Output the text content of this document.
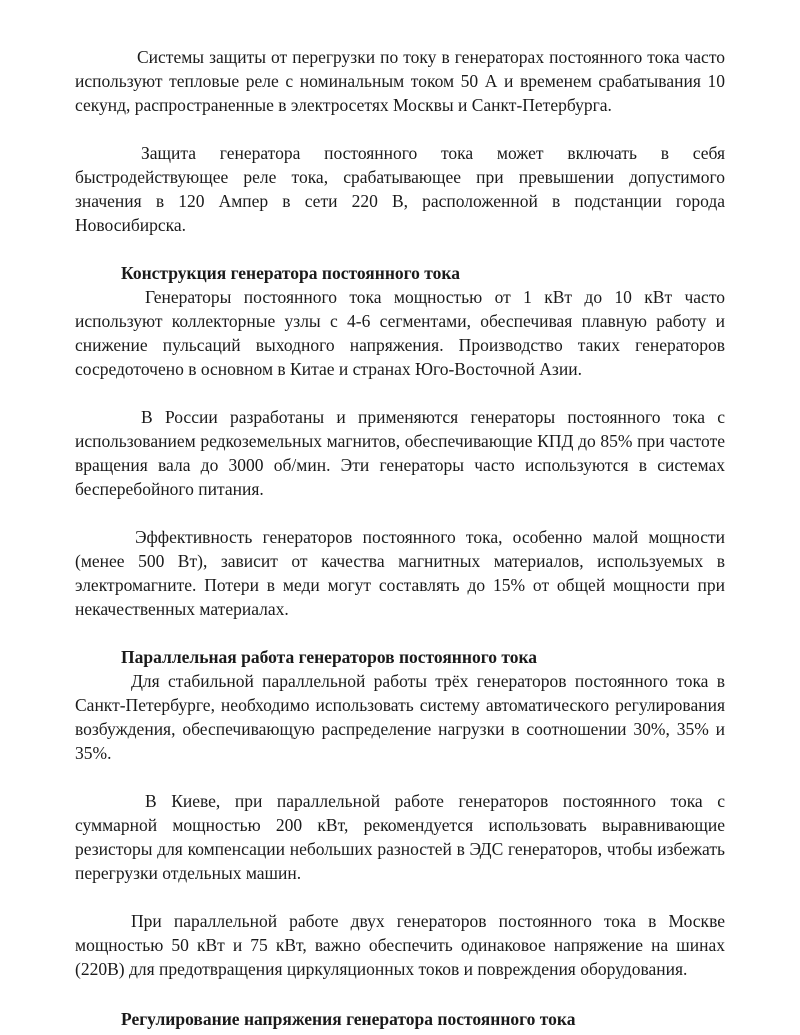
Системы защиты от перегрузки по току в генераторах постоянного тока часто используют тепловые реле с номинальным током 50 А и временем срабатывания 10 секунд, распространенные в электросетях Москвы и Санкт-Петербурга.

Защита генератора постоянного тока может включать в себя быстродействующее реле тока, срабатывающее при превышении допустимого значения в 120 Ампер в сети 220 В, расположенной в подстанции города Новосибирска.

Конструкция генератора постоянного тока

Генераторы постоянного тока мощностью от 1 кВт до 10 кВт часто используют коллекторные узлы с 4-6 сегментами, обеспечивая плавную работу и снижение пульсаций выходного напряжения. Производство таких генераторов сосредоточено в основном в Китае и странах Юго-Восточной Азии.

В России разработаны и применяются генераторы постоянного тока с использованием редкоземельных магнитов, обеспечивающие КПД до 85% при частоте вращения вала до 3000 об/мин. Эти генераторы часто используются в системах бесперебойного питания.

Эффективность генераторов постоянного тока, особенно малой мощности (менее 500 Вт), зависит от качества магнитных материалов, используемых в электромагните. Потери в меди могут составлять до 15% от общей мощности при некачественных материалах.

Параллельная работа генераторов постоянного тока

Для стабильной параллельной работы трёх генераторов постоянного тока в Санкт-Петербурге, необходимо использовать систему автоматического регулирования возбуждения, обеспечивающую распределение нагрузки в соотношении 30%, 35% и 35%.

В Киеве, при параллельной работе генераторов постоянного тока с суммарной мощностью 200 кВт, рекомендуется использовать выравнивающие резисторы для компенсации небольших разностей в ЭДС генераторов, чтобы избежать перегрузки отдельных машин.

При параллельной работе двух генераторов постоянного тока в Москве мощностью 50 кВт и 75 кВт, важно обеспечить одинаковое напряжение на шинах (220В) для предотвращения циркуляционных токов и повреждения оборудования.

Регулирование напряжения генератора постоянного тока
